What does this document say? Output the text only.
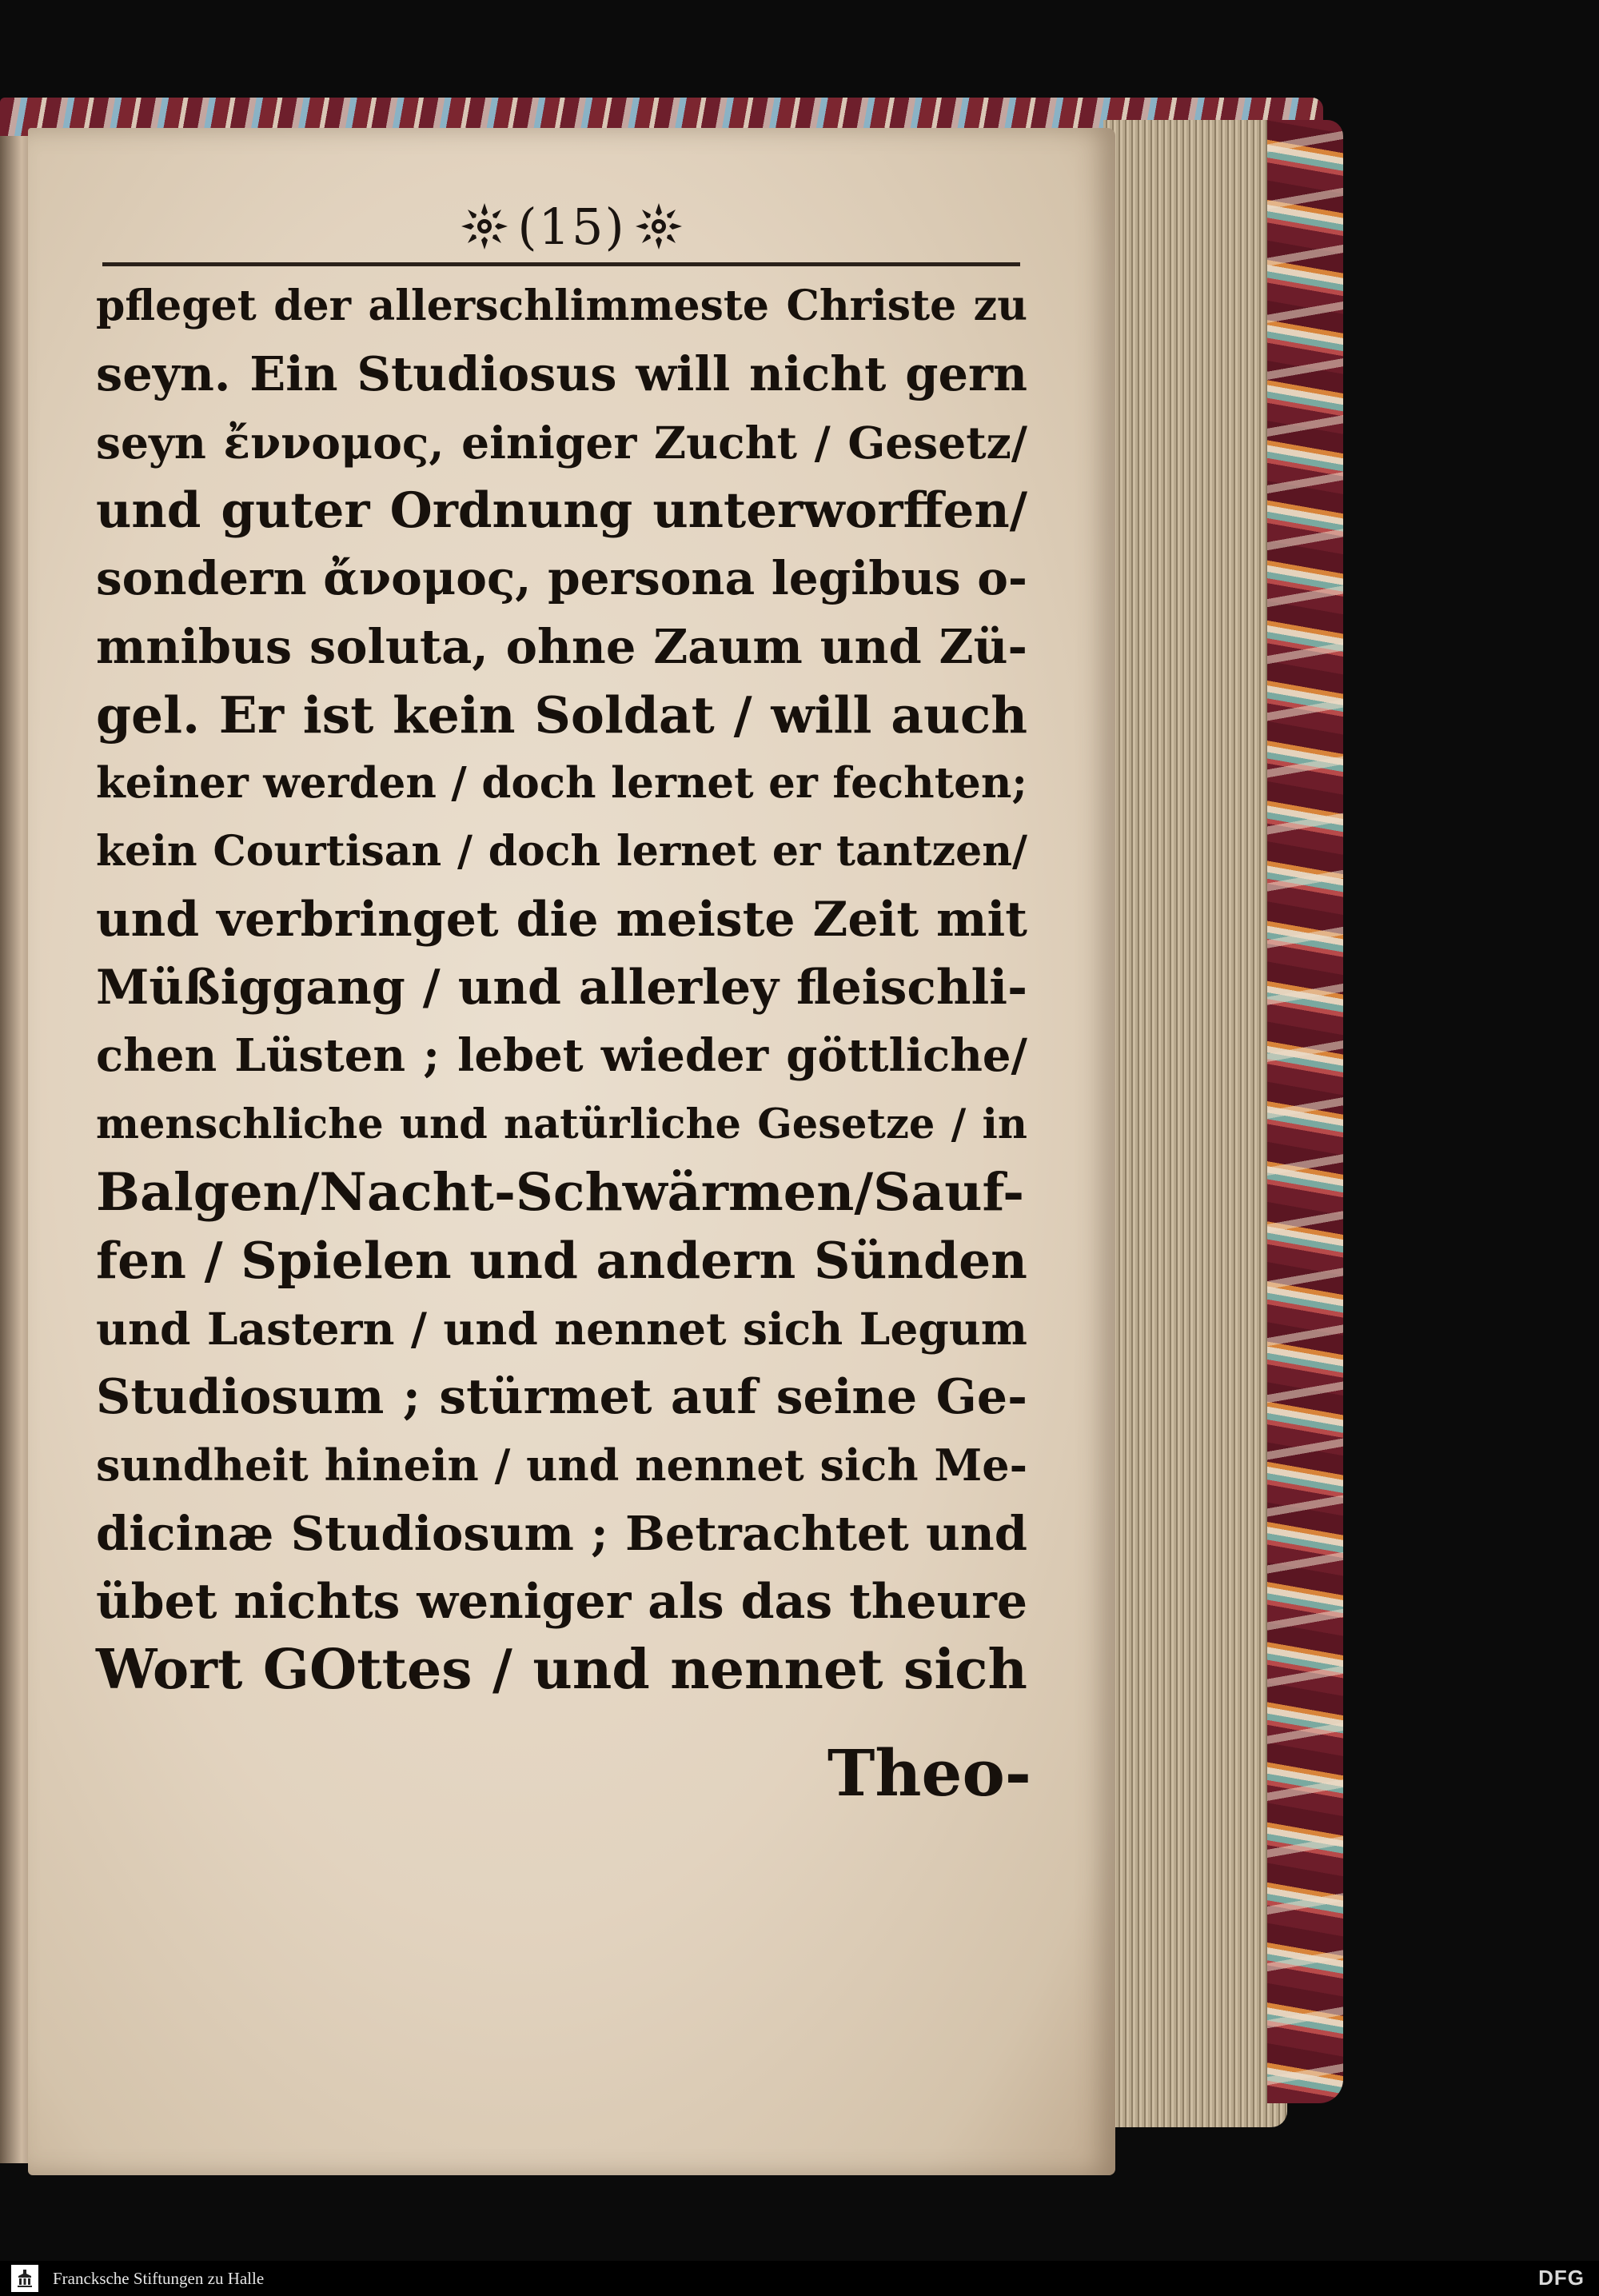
(15)
pfleget der allerschlimmeste Christe zu
seyn. Ein Studiosus will nicht gern
seyn ἔννομος, einiger Zucht / Gesetz/
und guter Ordnung unterworffen/
sondern ἄνομος, persona legibus o-
mnibus soluta, ohne Zaum und Zü-
gel. Er ist kein Soldat / will auch
keiner werden / doch lernet er fechten;
kein Courtisan / doch lernet er tantzen/
und verbringet die meiste Zeit mit
Müßiggang / und allerley fleischli-
chen Lüsten ; lebet wieder göttliche/
menschliche und natürliche Gesetze / in
Balgen/Nacht-Schwärmen/Sauf-
fen / Spielen und andern Sünden
und Lastern / und nennet sich Legum
Studiosum ; stürmet auf seine Ge-
sundheit hinein / und nennet sich Me-
dicinæ Studiosum ; Betrachtet und
übet nichts weniger als das theure
Wort GOttes / und nennet sich
Theo-
Francksche Stiftungen zu Halle	DFG
